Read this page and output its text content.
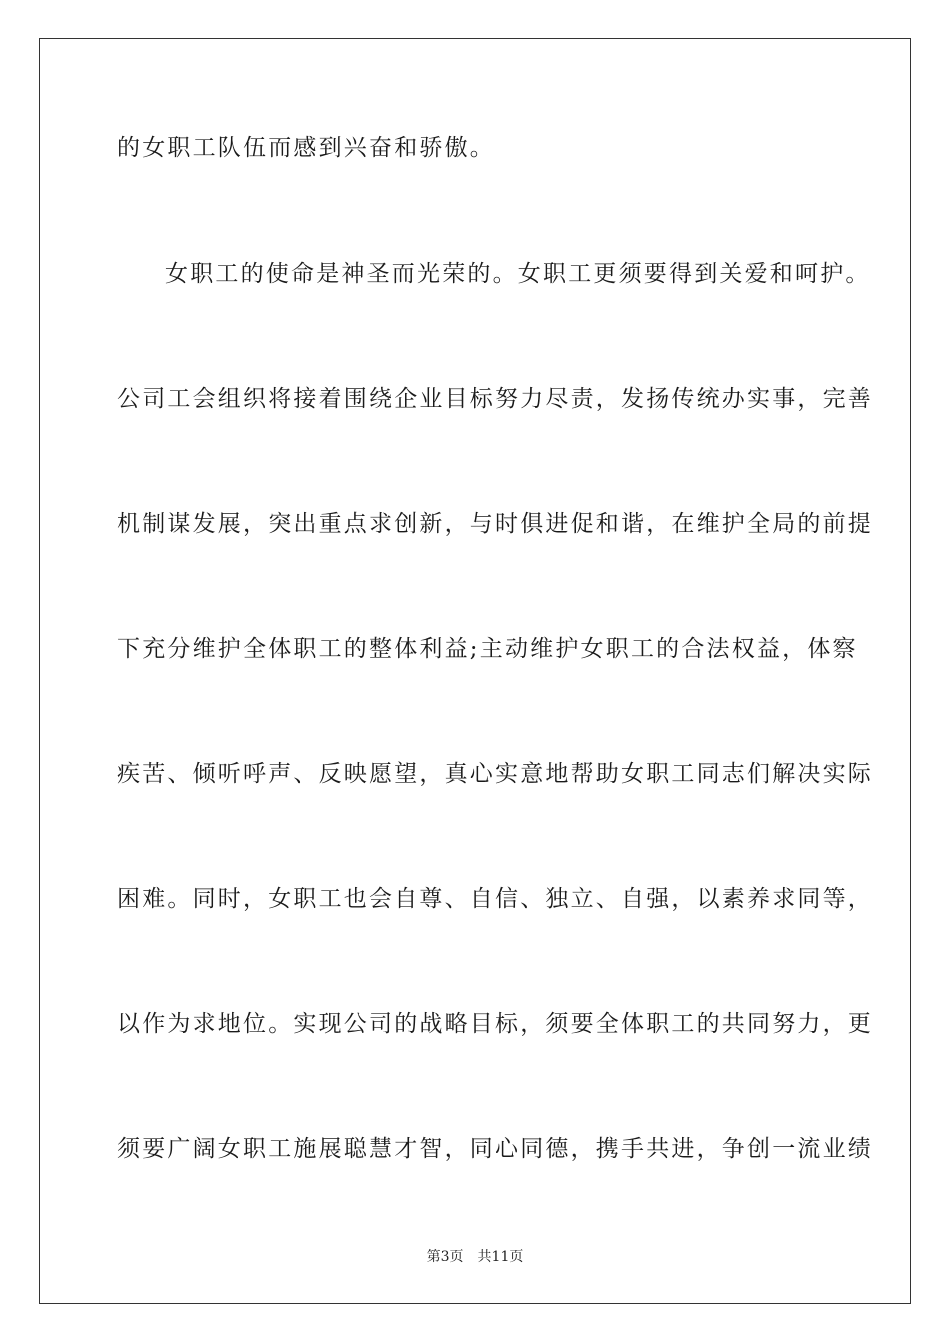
的女职工队伍而感到兴奋和骄傲。
女职工的使命是神圣而光荣的。女职工更须要得到关爱和呵护。
公司工会组织将接着围绕企业目标努力尽责，发扬传统办实事，完善
机制谋发展，突出重点求创新，与时俱进促和谐，在维护全局的前提
下充分维护全体职工的整体利益;主动维护女职工的合法权益，体察
疾苦、倾听呼声、反映愿望，真心实意地帮助女职工同志们解决实际
困难。同时，女职工也会自尊、自信、独立、自强，以素养求同等，
以作为求地位。实现公司的战略目标，须要全体职工的共同努力，更
须要广阔女职工施展聪慧才智，同心同德，携手共进，争创一流业绩
第3页 共11页
